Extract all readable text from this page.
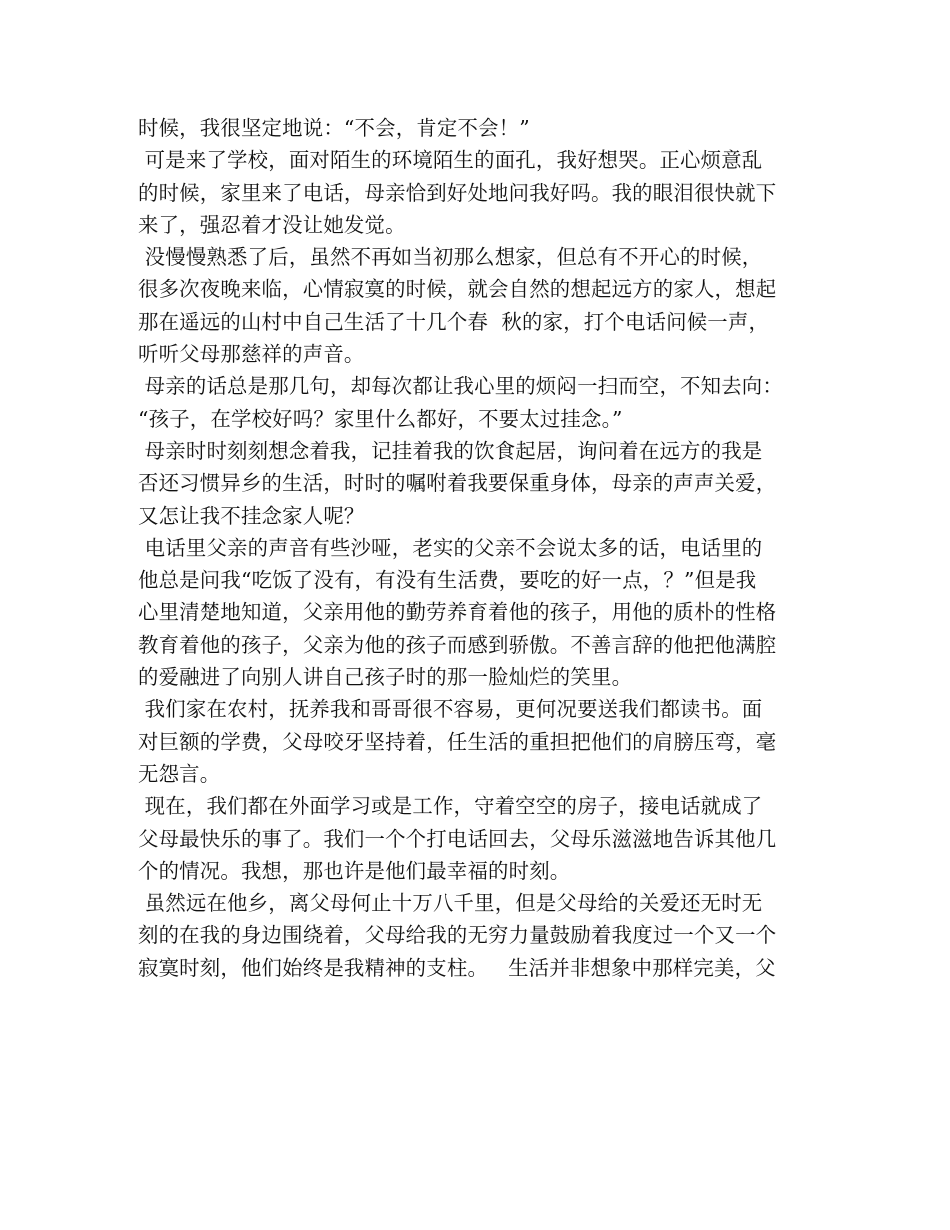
时候，我很坚定地说：“不会，肯定不会！”
可是来了学校，面对陌生的环境陌生的面孔，我好想哭。正心烦意乱
的时候，家里来了电话，母亲恰到好处地问我好吗。我的眼泪很快就下
来了，强忍着才没让她发觉。
没慢慢熟悉了后，虽然不再如当初那么想家，但总有不开心的时候，
很多次夜晚来临，心情寂寞的时候，就会自然的想起远方的家人，想起
那在遥远的山村中自己生活了十几个春  秋的家，打个电话问候一声，
听听父母那慈祥的声音。
母亲的话总是那几句，却每次都让我心里的烦闷一扫而空，不知去向：
“孩子，在学校好吗？家里什么都好，不要太过挂念。”
母亲时时刻刻想念着我，记挂着我的饮食起居，询问着在远方的我是
否还习惯异乡的生活，时时的嘱咐着我要保重身体，母亲的声声关爱，
又怎让我不挂念家人呢？
电话里父亲的声音有些沙哑，老实的父亲不会说太多的话，电话里的
他总是问我“吃饭了没有，有没有生活费，要吃的好一点，？”但是我
心里清楚地知道，父亲用他的勤劳养育着他的孩子，用他的质朴的性格
教育着他的孩子，父亲为他的孩子而感到骄傲。不善言辞的他把他满腔
的爱融进了向别人讲自己孩子时的那一脸灿烂的笑里。
我们家在农村，抚养我和哥哥很不容易，更何况要送我们都读书。面
对巨额的学费，父母咬牙坚持着，任生活的重担把他们的肩膀压弯，毫
无怨言。
现在，我们都在外面学习或是工作，守着空空的房子，接电话就成了
父母最快乐的事了。我们一个个打电话回去，父母乐滋滋地告诉其他几
个的情况。我想，那也许是他们最幸福的时刻。
虽然远在他乡，离父母何止十万八千里，但是父母给的关爱还无时无
刻的在我的身边围绕着，父母给我的无穷力量鼓励着我度过一个又一个
寂寞时刻，他们始终是我精神的支柱。   生活并非想象中那样完美，父
